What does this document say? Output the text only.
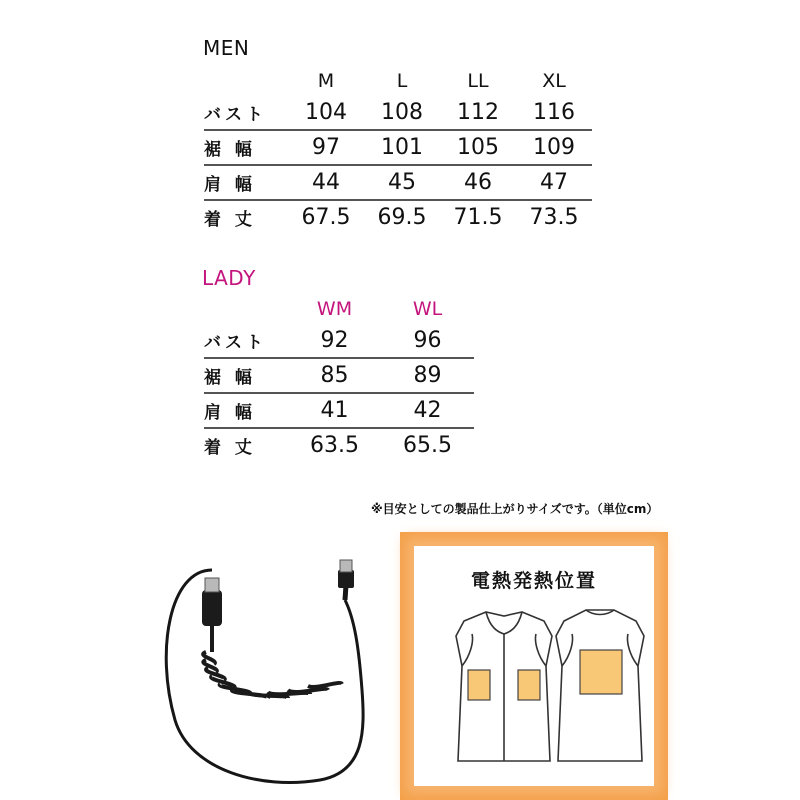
MEN
	M	L	LL	XL
バスト	104	108	112	116
裾 幅	97	101	105	109
肩 幅	44	45	46	47
着 丈	67.5	69.5	71.5	73.5
LADY
	WM	WL
バスト	92	96
裾 幅	85	89
肩 幅	41	42
着 丈	63.5	65.5
※目安としての製品仕上がりサイズです。（単位cm）
電熱発熱位置
